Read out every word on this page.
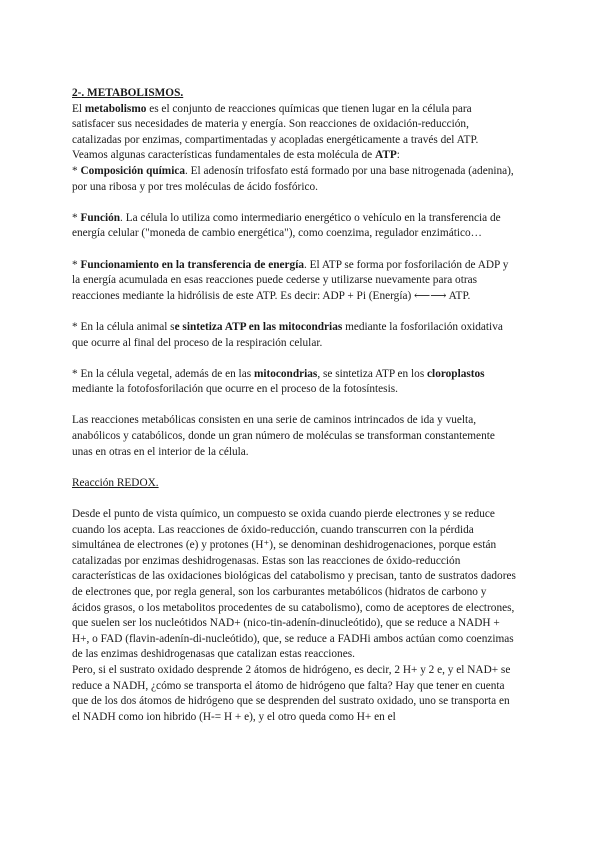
2-. METABOLISMOS.

El metabolismo es el conjunto de reacciones químicas que tienen lugar en la célula para satisfacer sus necesidades de materia y energía. Son reacciones de oxidación-reducción, catalizadas por enzimas, compartimentadas y acopladas energéticamente a través del ATP. Veamos algunas características fundamentales de esta molécula de ATP:

* Composición química. El adenosín trifosfato está formado por una base nitrogenada (adenina), por una ribosa y por tres moléculas de ácido fosfórico.

* Función. La célula lo utiliza como intermediario energético o vehículo en la transferencia de energía celular ("moneda de cambio energética"), como coenzima, regulador enzimático…

* Funcionamiento en la transferencia de energía. El ATP se forma por fosforilación de ADP y la energía acumulada en esas reacciones puede cederse y utilizarse nuevamente para otras reacciones mediante la hidrólisis de este ATP. Es decir: ADP + Pi (Energía) ⟵⟶ ATP.

* En la célula animal se sintetiza ATP en las mitocondrias mediante la fosforilación oxidativa que ocurre al final del proceso de la respiración celular.

* En la célula vegetal, además de en las mitocondrias, se sintetiza ATP en los cloroplastos mediante la fotofosforilación que ocurre en el proceso de la fotosíntesis.

Las reacciones metabólicas consisten en una serie de caminos intrincados de ida y vuelta, anabólicos y catabólicos, donde un gran número de moléculas se transforman constantemente unas en otras en el interior de la célula.

Reacción REDOX.

Desde el punto de vista químico, un compuesto se oxida cuando pierde electrones y se reduce cuando los acepta. Las reacciones de óxido-reducción, cuando transcurren con la pérdida simultánea de electrones (e) y protones (H⁺), se denominan deshidrogenaciones, porque están catalizadas por enzimas deshidrogenasas. Estas son las reacciones de óxido-reducción características de las oxidaciones biológicas del catabolismo y precisan, tanto de sustratos dadores de electrones que, por regla general, son los carburantes metabólicos (hidratos de carbono y ácidos grasos, o los metabolitos procedentes de su catabolismo), como de aceptores de electrones, que suelen ser los nucleótidos NAD+ (nico-tin-adenín-dinucleótido), que se reduce a NADH + H+, o FAD (flavin-adenín-di-nucleótido), que, se reduce a FADHi ambos actúan como coenzimas de las enzimas deshidrogenasas que catalizan estas reacciones.

Pero, si el sustrato oxidado desprende 2 átomos de hidrógeno, es decir, 2 H+ y 2 e, y el NAD+ se reduce a NADH, ¿cómo se transporta el átomo de hidrógeno que falta? Hay que tener en cuenta que de los dos átomos de hidrógeno que se desprenden del sustrato oxidado, uno se transporta en el NADH como ion hibrido (H-= H + e), y el otro queda como H+ en el
